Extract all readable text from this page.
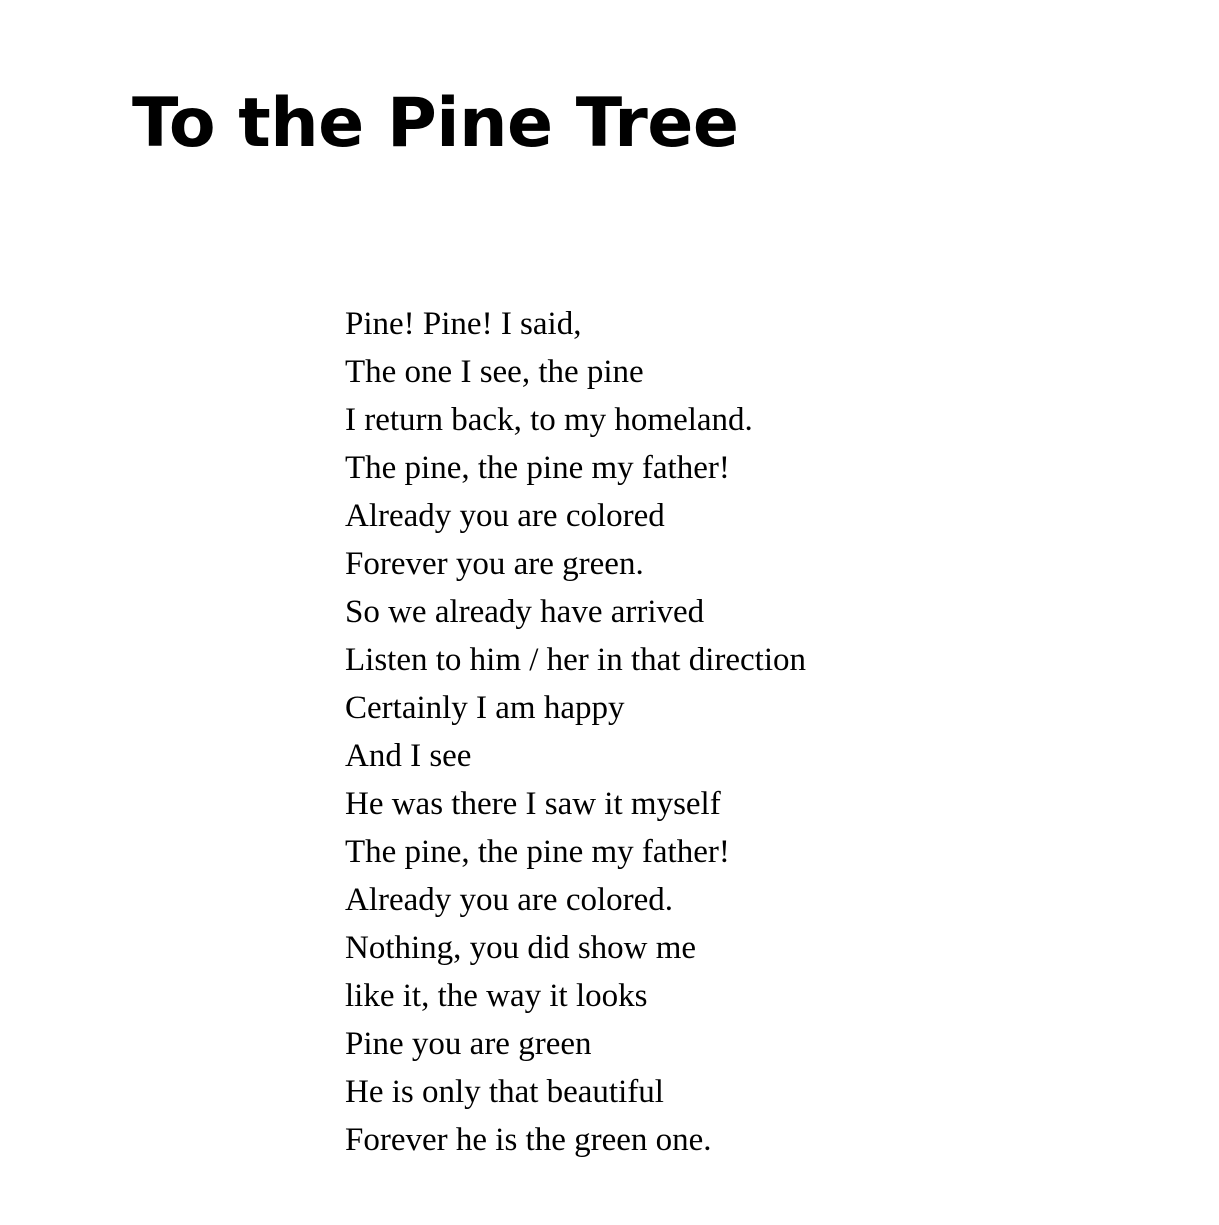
To the Pine Tree
Pine! Pine! I said,
The one I see, the pine
I return back, to my homeland.
The pine, the pine my father!
Already you are colored
Forever you are green.
So we already have arrived
Listen to him / her in that direction
Certainly I am happy
And I see
He was there I saw it myself
The pine, the pine my father!
Already you are colored.
Nothing, you did show me
like it, the way it looks
Pine you are green
He is only that beautiful
Forever he is the green one.
